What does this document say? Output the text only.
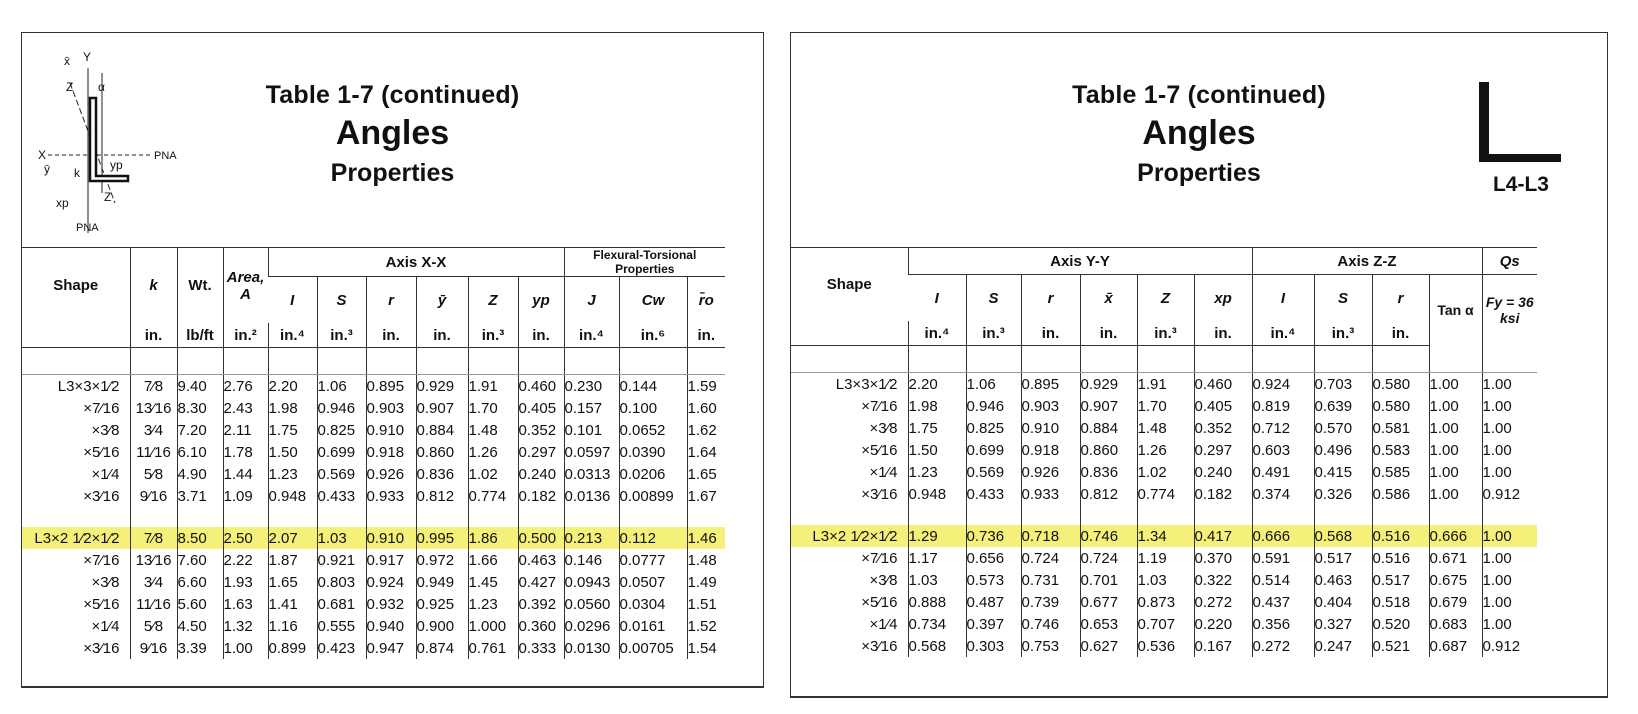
x̄ Y
Z α
X	PNA
ȳ k
yp
Z
xp
PNA
Table 1-7 (continued)
Angles
Properties
Shape	k	Wt.	Area, A	Axis X-X						Flexural-Torsional Properties		
				I	S	r	ȳ	Z	yp	J	Cw	r̄o
	in.	lb/ft	in.²	in.⁴	in.³	in.	in.	in.³	in.	in.⁴	in.⁶	in.

L3×3×1⁄2	7⁄8	9.40	2.76	2.20	1.06	0.895	0.929	1.91	0.460	0.230	0.144	1.59
×7⁄16	13⁄16	8.30	2.43	1.98	0.946	0.903	0.907	1.70	0.405	0.157	0.100	1.60
×3⁄8	3⁄4	7.20	2.11	1.75	0.825	0.910	0.884	1.48	0.352	0.101	0.0652	1.62
×5⁄16	11⁄16	6.10	1.78	1.50	0.699	0.918	0.860	1.26	0.297	0.0597	0.0390	1.64
×1⁄4	5⁄8	4.90	1.44	1.23	0.569	0.926	0.836	1.02	0.240	0.0313	0.0206	1.65
×3⁄16	9⁄16	3.71	1.09	0.948	0.433	0.933	0.812	0.774	0.182	0.0136	0.00899	1.67

L3×2 1⁄2×1⁄2	7⁄8	8.50	2.50	2.07	1.03	0.910	0.995	1.86	0.500	0.213	0.112	1.46
×7⁄16	13⁄16	7.60	2.22	1.87	0.921	0.917	0.972	1.66	0.463	0.146	0.0777	1.48
×3⁄8	3⁄4	6.60	1.93	1.65	0.803	0.924	0.949	1.45	0.427	0.0943	0.0507	1.49
×5⁄16	11⁄16	5.60	1.63	1.41	0.681	0.932	0.925	1.23	0.392	0.0560	0.0304	1.51
×1⁄4	5⁄8	4.50	1.32	1.16	0.555	0.940	0.900	1.000	0.360	0.0296	0.0161	1.52
×3⁄16	9⁄16	3.39	1.00	0.899	0.423	0.947	0.874	0.761	0.333	0.0130	0.00705	1.54
Table 1-7 (continued)
Angles
Properties	L4-L3
Shape	Axis Y-Y						Axis Z-Z				Qs
	I	S	r	x̄	Z	xp	I	S	r	Tan α	Fy = 36 ksi
	in.⁴	in.³	in.	in.	in.³	in.	in.⁴	in.³	in.		

L3×3×1⁄2	2.20	1.06	0.895	0.929	1.91	0.460	0.924	0.703	0.580	1.00	1.00
×7⁄16	1.98	0.946	0.903	0.907	1.70	0.405	0.819	0.639	0.580	1.00	1.00
×3⁄8	1.75	0.825	0.910	0.884	1.48	0.352	0.712	0.570	0.581	1.00	1.00
×5⁄16	1.50	0.699	0.918	0.860	1.26	0.297	0.603	0.496	0.583	1.00	1.00
×1⁄4	1.23	0.569	0.926	0.836	1.02	0.240	0.491	0.415	0.585	1.00	1.00
×3⁄16	0.948	0.433	0.933	0.812	0.774	0.182	0.374	0.326	0.586	1.00	0.912

L3×2 1⁄2×1⁄2	1.29	0.736	0.718	0.746	1.34	0.417	0.666	0.568	0.516	0.666	1.00
×7⁄16	1.17	0.656	0.724	0.724	1.19	0.370	0.591	0.517	0.516	0.671	1.00
×3⁄8	1.03	0.573	0.731	0.701	1.03	0.322	0.514	0.463	0.517	0.675	1.00
×5⁄16	0.888	0.487	0.739	0.677	0.873	0.272	0.437	0.404	0.518	0.679	1.00
×1⁄4	0.734	0.397	0.746	0.653	0.707	0.220	0.356	0.327	0.520	0.683	1.00
×3⁄16	0.568	0.303	0.753	0.627	0.536	0.167	0.272	0.247	0.521	0.687	0.912
